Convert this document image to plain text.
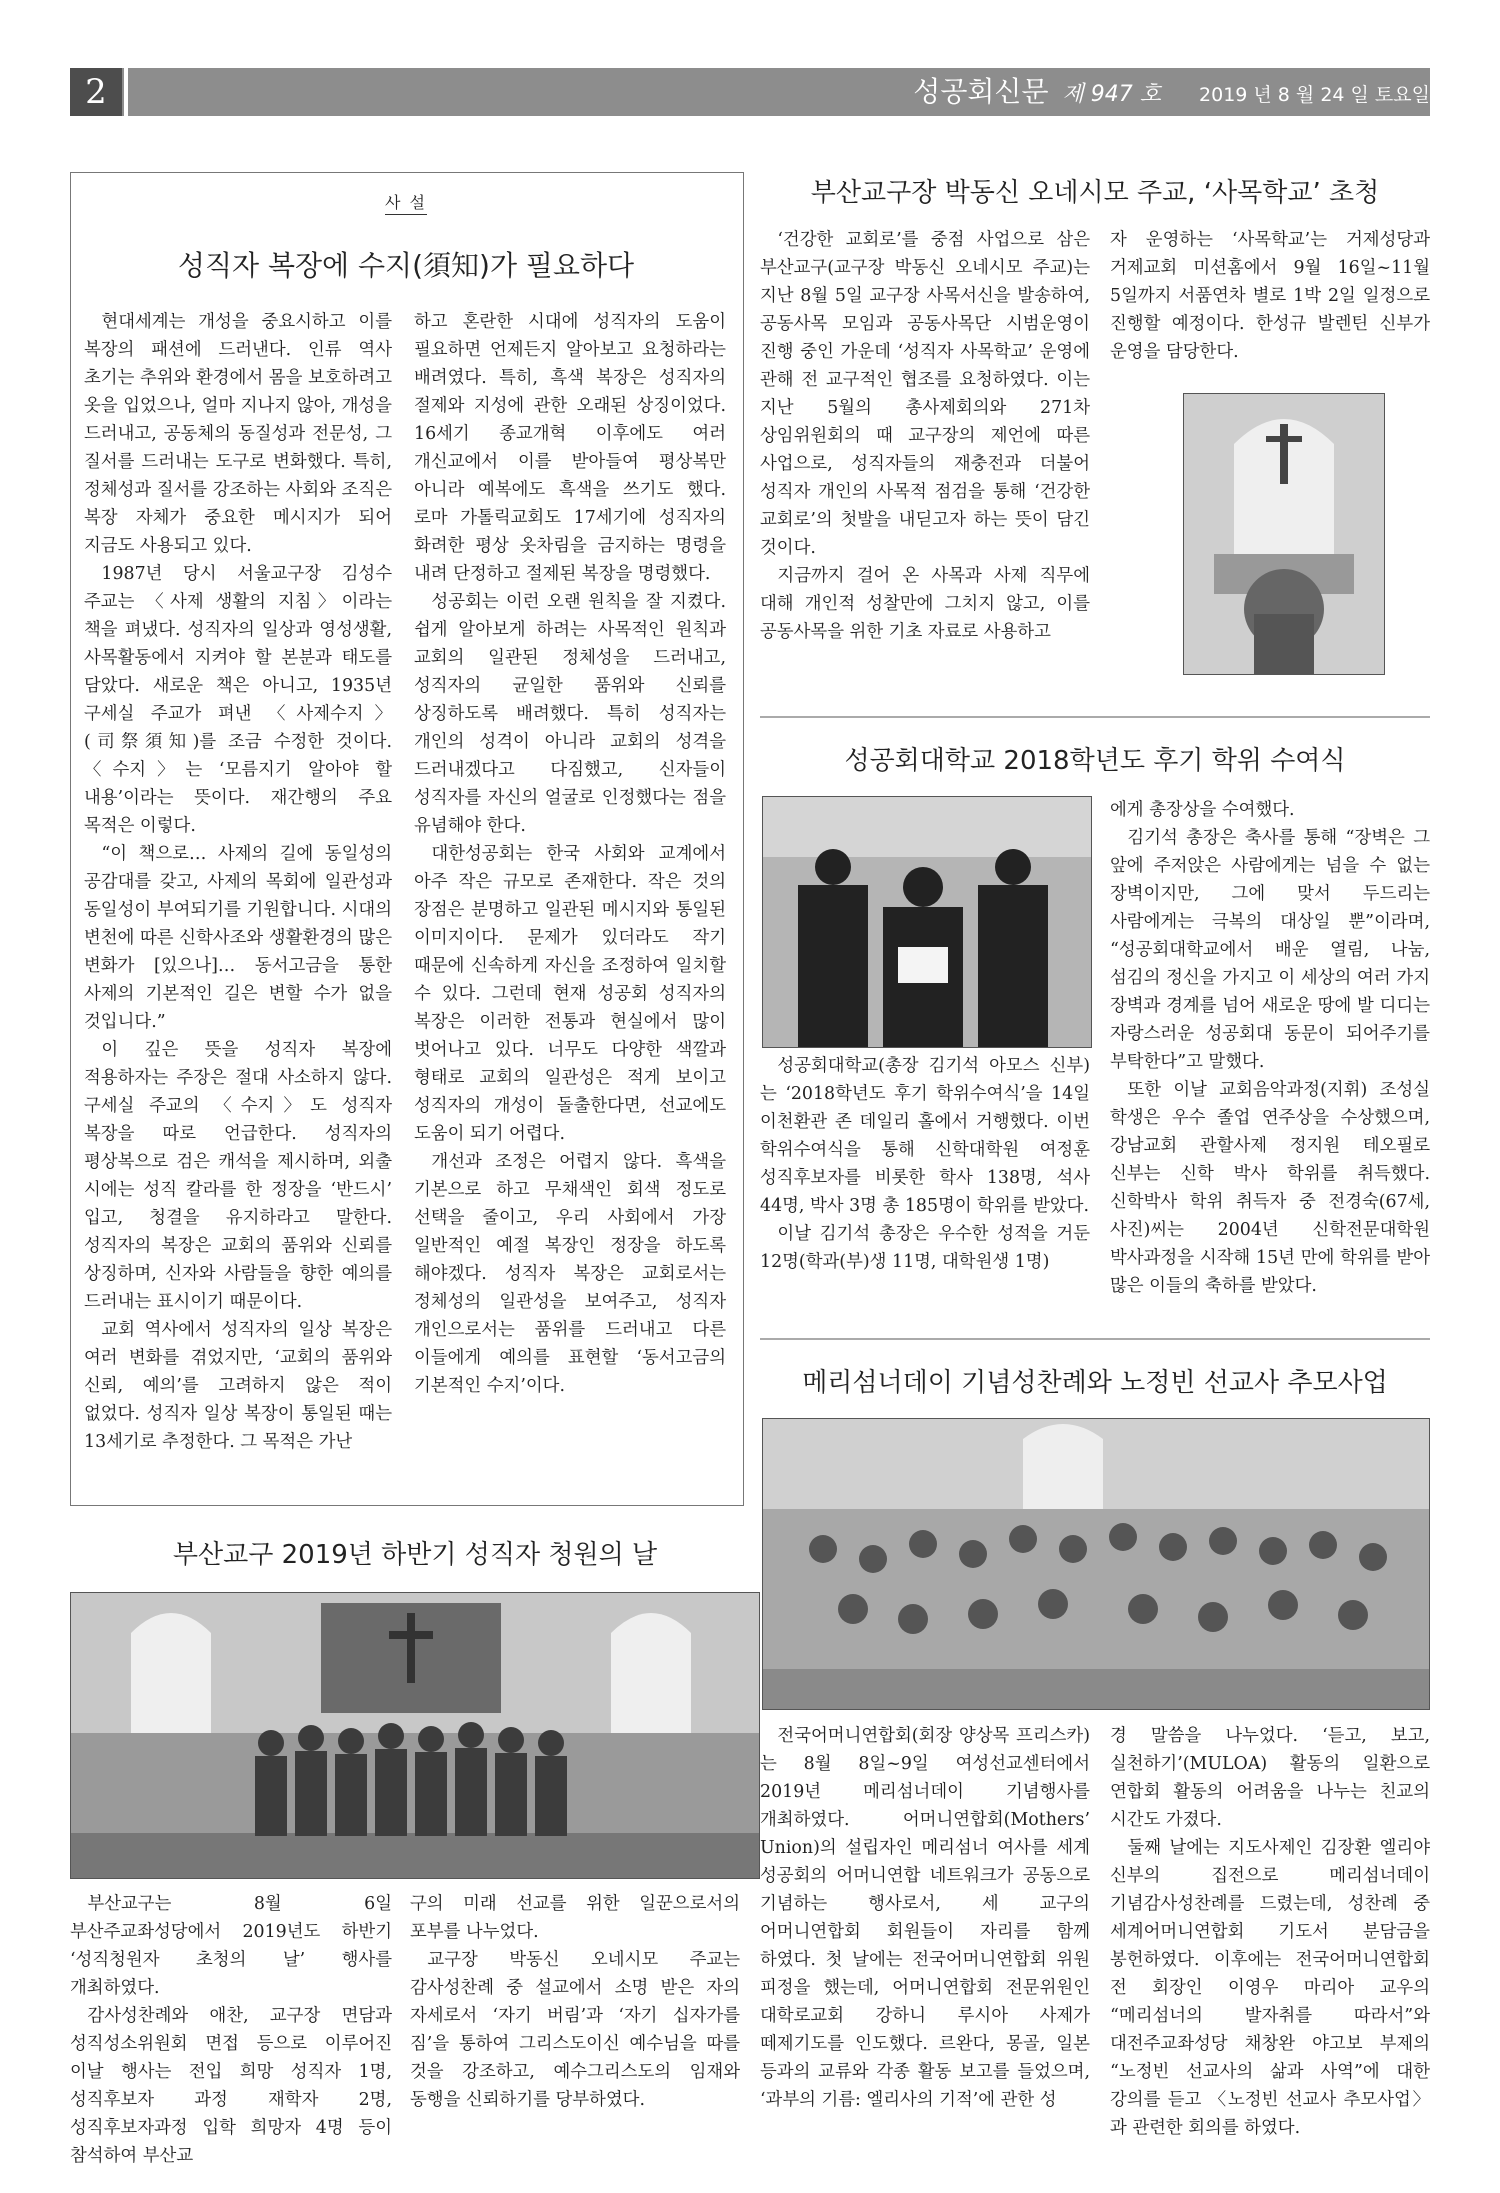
2	성공회신문 제 947 호 2019 년 8 월 24 일 토요일
사 설
성직자 복장에 수지(須知)가 필요하다

현대세계는 개성을 중요시하고 이를 복장의 패션에 드러낸다. 인류 역사 초기는 추위와 환경에서 몸을 보호하려고 옷을 입었으나, 얼마 지나지 않아, 개성을 드러내고, 공동체의 동질성과 전문성, 그 질서를 드러내는 도구로 변화했다. 특히, 정체성과 질서를 강조하는 사회와 조직은 복장 자체가 중요한 메시지가 되어 지금도 사용되고 있다.

1987년 당시 서울교구장 김성수 주교는 〈사제 생활의 지침〉이라는 책을 펴냈다. 성직자의 일상과 영성생활, 사목활동에서 지켜야 할 본분과 태도를 담았다. 새로운 책은 아니고, 1935년 구세실 주교가 펴낸 〈사제수지〉(司祭須知)를 조금 수정한 것이다. 〈수지〉는 ‘모름지기 알아야 할 내용’이라는 뜻이다. 재간행의 주요 목적은 이렇다.

“이 책으로… 사제의 길에 동일성의 공감대를 갖고, 사제의 목회에 일관성과 동일성이 부여되기를 기원합니다. 시대의 변천에 따른 신학사조와 생활환경의 많은 변화가 [있으나]… 동서고금을 통한 사제의 기본적인 길은 변할 수가 없을 것입니다.”

이 깊은 뜻을 성직자 복장에 적용하자는 주장은 절대 사소하지 않다. 구세실 주교의 〈수지〉도 성직자 복장을 따로 언급한다. 성직자의 평상복으로 검은 캐석을 제시하며, 외출 시에는 성직 칼라를 한 정장을 ‘반드시’ 입고, 청결을 유지하라고 말한다. 성직자의 복장은 교회의 품위와 신뢰를 상징하며, 신자와 사람들을 향한 예의를 드러내는 표시이기 때문이다.

교회 역사에서 성직자의 일상 복장은 여러 변화를 겪었지만, ‘교회의 품위와 신뢰, 예의’를 고려하지 않은 적이 없었다. 성직자 일상 복장이 통일된 때는 13세기로 추정한다. 그 목적은 가난

하고 혼란한 시대에 성직자의 도움이 필요하면 언제든지 알아보고 요청하라는 배려였다. 특히, 흑색 복장은 성직자의 절제와 지성에 관한 오래된 상징이었다. 16세기 종교개혁 이후에도 여러 개신교에서 이를 받아들여 평상복만 아니라 예복에도 흑색을 쓰기도 했다. 로마 가톨릭교회도 17세기에 성직자의 화려한 평상 옷차림을 금지하는 명령을 내려 단정하고 절제된 복장을 명령했다.

성공회는 이런 오랜 원칙을 잘 지켰다. 쉽게 알아보게 하려는 사목적인 원칙과 교회의 일관된 정체성을 드러내고, 성직자의 균일한 품위와 신뢰를 상징하도록 배려했다. 특히 성직자는 개인의 성격이 아니라 교회의 성격을 드러내겠다고 다짐했고, 신자들이 성직자를 자신의 얼굴로 인정했다는 점을 유념해야 한다.

대한성공회는 한국 사회와 교계에서 아주 작은 규모로 존재한다. 작은 것의 장점은 분명하고 일관된 메시지와 통일된 이미지이다. 문제가 있더라도 작기 때문에 신속하게 자신을 조정하여 일치할 수 있다. 그런데 현재 성공회 성직자의 복장은 이러한 전통과 현실에서 많이 벗어나고 있다. 너무도 다양한 색깔과 형태로 교회의 일관성은 적게 보이고 성직자의 개성이 돌출한다면, 선교에도 도움이 되기 어렵다.

개선과 조정은 어렵지 않다. 흑색을 기본으로 하고 무채색인 회색 정도로 선택을 줄이고, 우리 사회에서 가장 일반적인 예절 복장인 정장을 하도록 해야겠다. 성직자 복장은 교회로서는 정체성의 일관성을 보여주고, 성직자 개인으로서는 품위를 드러내고 다른 이들에게 예의를 표현할 ‘동서고금의 기본적인 수지’이다.

부산교구 2019년 하반기 성직자 청원의 날

부산교구는 8월 6일 부산주교좌성당에서 2019년도 하반기 ‘성직청원자 초청의 날’ 행사를 개최하였다.

감사성찬례와 애찬, 교구장 면담과 성직성소위원회 면접 등으로 이루어진 이날 행사는 전입 희망 성직자 1명, 성직후보자 과정 재학자 2명, 성직후보자과정 입학 희망자 4명 등이 참석하여 부산교

구의 미래 선교를 위한 일꾼으로서의 포부를 나누었다.

교구장 박동신 오네시모 주교는 감사성찬례 중 설교에서 소명 받은 자의 자세로서 ‘자기 버림’과 ‘자기 십자가를 짐’을 통하여 그리스도이신 예수님을 따를 것을 강조하고, 예수그리스도의 임재와 동행을 신뢰하기를 당부하였다.

부산교구장 박동신 오네시모 주교, ‘사목학교’ 초청

‘건강한 교회로’를 중점 사업으로 삼은 부산교구(교구장 박동신 오네시모 주교)는 지난 8월 5일 교구장 사목서신을 발송하여, 공동사목 모임과 공동사목단 시범운영이 진행 중인 가운데 ‘성직자 사목학교’ 운영에 관해 전 교구적인 협조를 요청하였다. 이는 지난 5월의 총사제회의와 271차 상임위원회의 때 교구장의 제언에 따른 사업으로, 성직자들의 재충전과 더불어 성직자 개인의 사목적 점검을 통해 ‘건강한 교회로’의 첫발을 내딛고자 하는 뜻이 담긴 것이다.

지금까지 걸어 온 사목과 사제 직무에 대해 개인적 성찰만에 그치지 않고, 이를 공동사목을 위한 기초 자료로 사용하고

자 운영하는 ‘사목학교’는 거제성당과 거제교회 미션홈에서 9월 16일~11월 5일까지 서품연차 별로 1박 2일 일정으로 진행할 예정이다. 한성규 발렌틴 신부가 운영을 담당한다.

성공회대학교 2018학년도 후기 학위 수여식

성공회대학교(총장 김기석 아모스 신부)는 ‘2018학년도 후기 학위수여식’을 14일 이천환관 존 데일리 홀에서 거행했다. 이번 학위수여식을 통해 신학대학원 여정훈 성직후보자를 비롯한 학사 138명, 석사 44명, 박사 3명 총 185명이 학위를 받았다.

이날 김기석 총장은 우수한 성적을 거둔 12명(학과(부)생 11명, 대학원생 1명)

에게 총장상을 수여했다.

김기석 총장은 축사를 통해 “장벽은 그 앞에 주저앉은 사람에게는 넘을 수 없는 장벽이지만, 그에 맞서 두드리는 사람에게는 극복의 대상일 뿐”이라며, “성공회대학교에서 배운 열림, 나눔, 섬김의 정신을 가지고 이 세상의 여러 가지 장벽과 경계를 넘어 새로운 땅에 발 디디는 자랑스러운 성공회대 동문이 되어주기를 부탁한다”고 말했다.

또한 이날 교회음악과정(지휘) 조성실 학생은 우수 졸업 연주상을 수상했으며, 강남교회 관할사제 정지원 테오필로 신부는 신학 박사 학위를 취득했다. 신학박사 학위 취득자 중 전경숙(67세, 사진)씨는 2004년 신학전문대학원 박사과정을 시작해 15년 만에 학위를 받아 많은 이들의 축하를 받았다.

메리섬너데이 기념성찬례와 노정빈 선교사 추모사업

전국어머니연합회(회장 양상목 프리스카)는 8월 8일~9일 여성선교센터에서 2019년 메리섬너데이 기념행사를 개최하였다. 어머니연합회(Mothers’ Union)의 설립자인 메리섬너 여사를 세계 성공회의 어머니연합 네트워크가 공동으로 기념하는 행사로서, 세 교구의 어머니연합회 회원들이 자리를 함께 하였다. 첫 날에는 전국어머니연합회 위원 피정을 했는데, 어머니연합회 전문위원인 대학로교회 강하니 루시아 사제가 떼제기도를 인도했다. 르완다, 몽골, 일본 등과의 교류와 각종 활동 보고를 들었으며, ‘과부의 기름: 엘리사의 기적’에 관한 성

경 말씀을 나누었다. ‘듣고, 보고, 실천하기’(MULOA) 활동의 일환으로 연합회 활동의 어려움을 나누는 친교의 시간도 가졌다.

둘째 날에는 지도사제인 김장환 엘리야 신부의 집전으로 메리섬너데이 기념감사성찬례를 드렸는데, 성찬례 중 세계어머니연합회 기도서 분담금을 봉헌하였다. 이후에는 전국어머니연합회 전 회장인 이영우 마리아 교우의 “메리섬너의 발자취를 따라서”와 대전주교좌성당 채창완 야고보 부제의 “노정빈 선교사의 삶과 사역”에 대한 강의를 듣고 〈노정빈 선교사 추모사업〉과 관련한 회의를 하였다.
